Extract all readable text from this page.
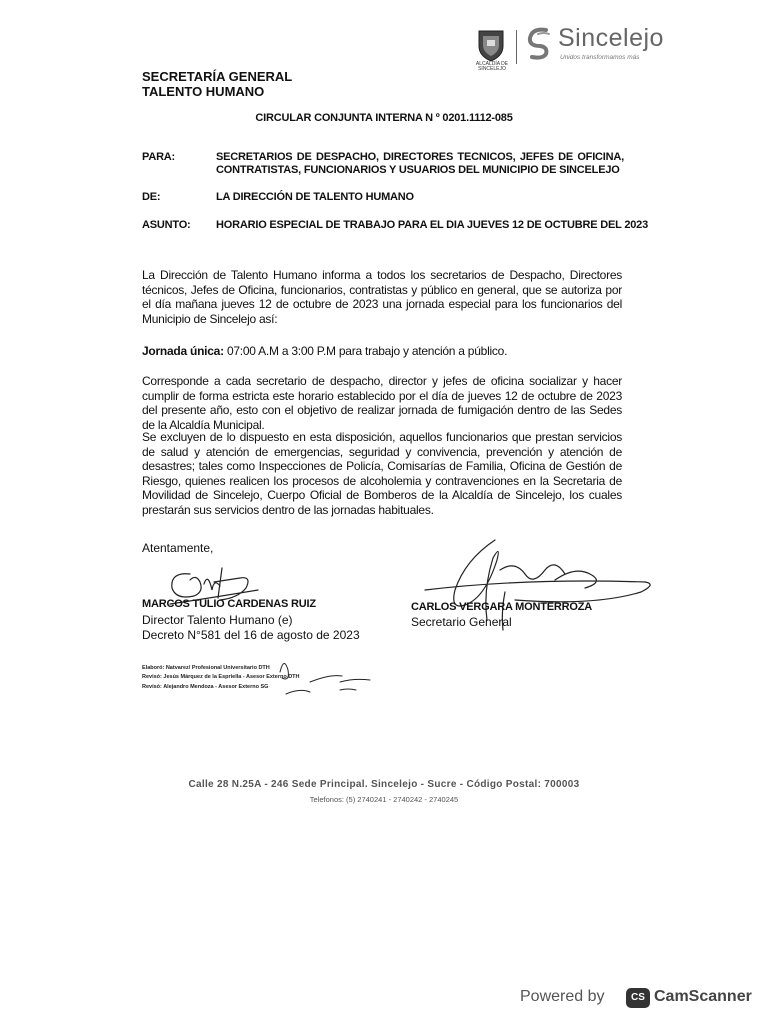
ALCALDÍA DE SINCELEJO
Sincelejo
Unidos transformamos más
SECRETARÍA GENERAL
TALENTO HUMANO
CIRCULAR CONJUNTA INTERNA N º 0201.1112-085
PARA:	SECRETARIOS DE DESPACHO, DIRECTORES TECNICOS, JEFES DE OFICINA, CONTRATISTAS, FUNCIONARIOS Y USUARIOS DEL MUNICIPIO DE SINCELEJO
DE:	LA DIRECCIÓN DE TALENTO HUMANO
ASUNTO: HORARIO ESPECIAL DE TRABAJO PARA EL DIA JUEVES 12 DE OCTUBRE DEL 2023
La Dirección de Talento Humano informa a todos los secretarios de Despacho, Directores técnicos, Jefes de Oficina, funcionarios, contratistas y público en general, que se autoriza por el día mañana jueves 12 de octubre de 2023 una jornada especial para los funcionarios del Municipio de Sincelejo así:
Jornada única: 07:00 A.M a 3:00 P.M para trabajo y atención a público.
Corresponde a cada secretario de despacho, director y jefes de oficina socializar y hacer cumplir de forma estricta este horario establecido por el día de jueves 12 de octubre de 2023 del presente año, esto con el objetivo de realizar jornada de fumigación dentro de las Sedes de la Alcaldía Municipal.
Se excluyen de lo dispuesto en esta disposición, aquellos funcionarios que prestan servicios de salud y atención de emergencias, seguridad y convivencia, prevención y atención de desastres; tales como Inspecciones de Policía, Comisarías de Familia, Oficina de Gestión de Riesgo, quienes realicen los procesos de alcoholemia y contravenciones en la Secretaria de Movilidad de Sincelejo, Cuerpo Oficial de Bomberos de la Alcaldía de Sincelejo, los cuales prestarán sus servicios dentro de las jornadas habituales.
Atentamente,
MARCOS TULIO CARDENAS RUIZ
Director Talento Humano (e)
Decreto N°581 del 16 de agosto de 2023
CARLOS VERGARA MONTERROZA
Secretario General
Elaboró: Natvarez/ Profesional Universitario DTH
Revisó: Jesús Márquez de la Espriella - Asesor Externo DTH
Revisó: Alejandro Mendoza - Asesor Externo SG
Calle 28 N.25A - 246 Sede Principal. Sincelejo - Sucre - Código Postal: 700003
Telefonos: (5) 2740241 - 2740242 - 2740245
Powered by	CS CamScanner
